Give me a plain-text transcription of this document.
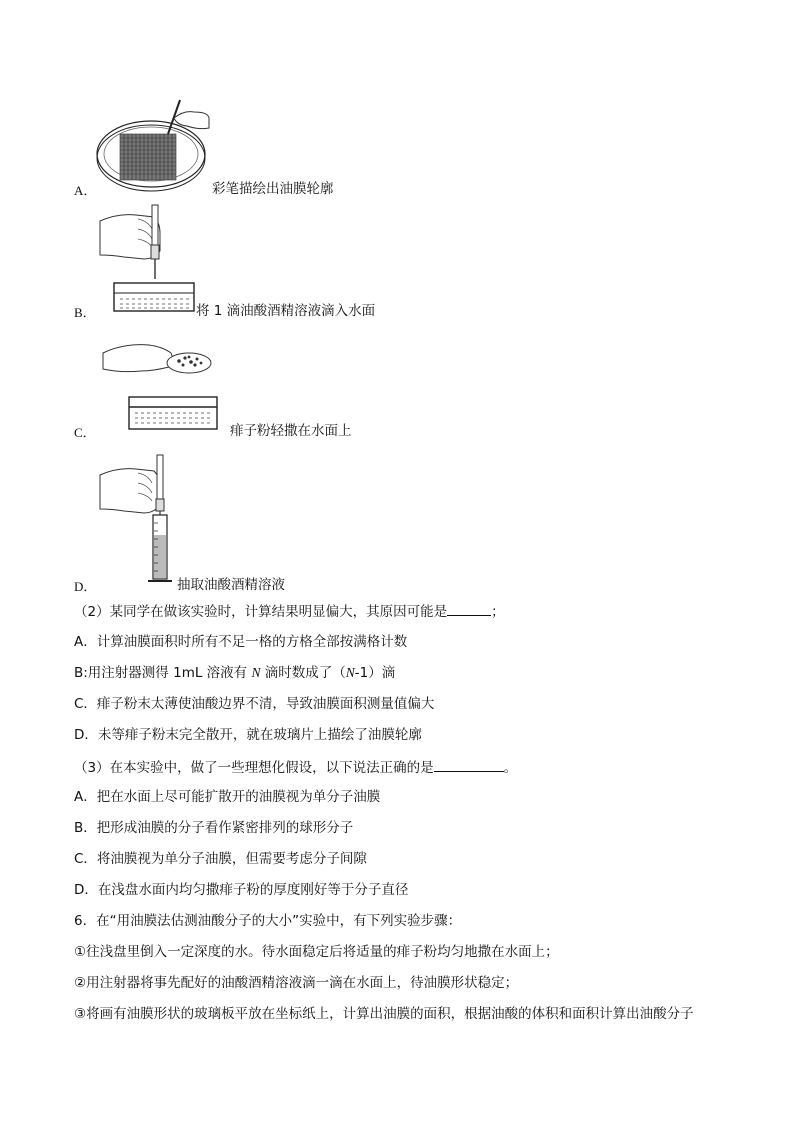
A．	彩笔描绘出油膜轮廓
B．	将 1 滴油酸酒精溶液滴入水面
C．	痱子粉轻撒在水面上
D．	抽取油酸酒精溶液
（2）某同学在做该实验时，计算结果明显偏大，其原因可能是	；
A．计算油膜面积时所有不足一格的方格全部按满格计数
B:用注射器测得 1mL 溶液有 N 滴时数成了（N-1）滴
C．痱子粉末太薄使油酸边界不清，导致油膜面积测量值偏大
D．未等痱子粉末完全散开，就在玻璃片上描绘了油膜轮廓
（3）在本实验中，做了一些理想化假设，以下说法正确的是	。
A．把在水面上尽可能扩散开的油膜视为单分子油膜
B．把形成油膜的分子看作紧密排列的球形分子
C．将油膜视为单分子油膜，但需要考虑分子间隙
D．在浅盘水面内均匀撒痱子粉的厚度刚好等于分子直径
6．在“用油膜法估测油酸分子的大小”实验中，有下列实验步骤：
①往浅盘里倒入一定深度的水。待水面稳定后将适量的痱子粉均匀地撒在水面上；
②用注射器将事先配好的油酸酒精溶液滴一滴在水面上，待油膜形状稳定；
③将画有油膜形状的玻璃板平放在坐标纸上，计算出油膜的面积，根据油酸的体积和面积计算出油酸分子
